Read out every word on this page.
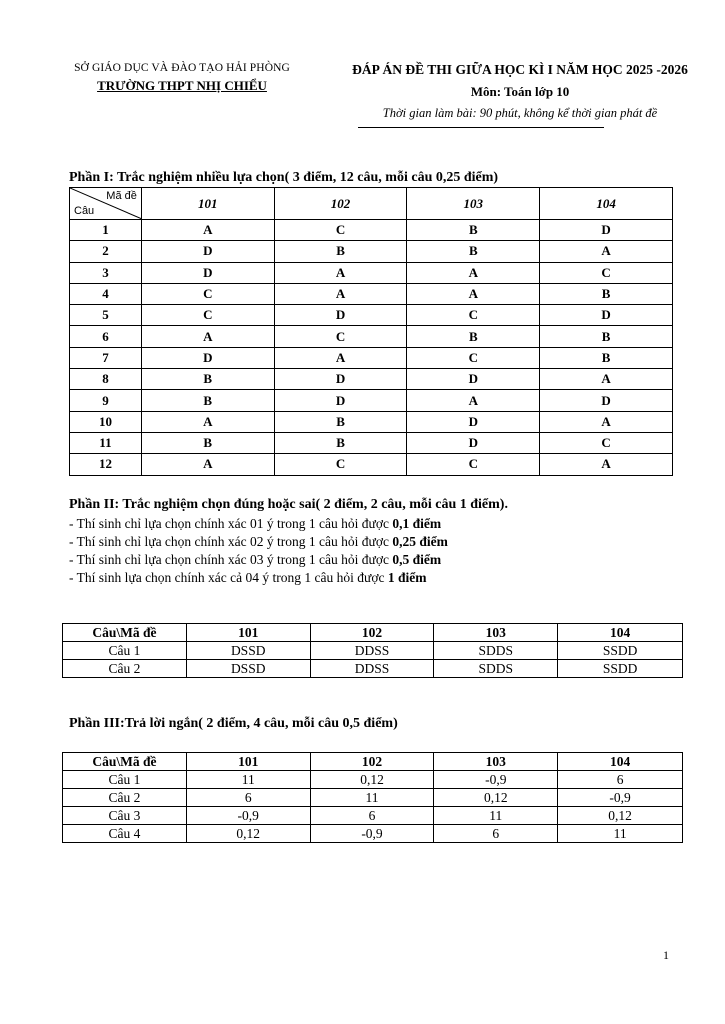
SỞ GIÁO DỤC VÀ ĐÀO TẠO HẢI PHÒNG
TRƯỜNG THPT NHỊ CHIỂU
ĐÁP ÁN ĐỀ THI GIỮA HỌC KÌ I NĂM HỌC 2025 -2026
Môn: Toán lớp 10
Thời gian làm bài: 90 phút, không kể thời gian phát đề
Phần I: Trắc nghiệm nhiều lựa chọn( 3 điểm, 12 câu, mỗi câu 0,25 điểm)
Mã đề
Câu	101	102	103	104
1	A	C	B	D
2	D	B	B	A
3	D	A	A	C
4	C	A	A	B
5	C	D	C	D
6	A	C	B	B
7	D	A	C	B
8	B	D	D	A
9	B	D	A	D
10	A	B	D	A
11	B	B	D	C
12	A	C	C	A
Phần II: Trắc nghiệm chọn đúng hoặc sai( 2 điểm, 2 câu, mỗi câu 1 điểm).
- Thí sinh chỉ lựa chọn chính xác 01 ý trong 1 câu hỏi được 0,1 điểm
- Thí sinh chỉ lựa chọn chính xác 02 ý trong 1 câu hỏi được 0,25 điểm
- Thí sinh chỉ lựa chọn chính xác 03 ý trong 1 câu hỏi được 0,5 điểm
- Thí sinh lựa chọn chính xác cả 04 ý trong 1 câu hỏi được 1 điểm
Câu\Mã đề	101	102	103	104
Câu 1	DSSD	DDSS	SDDS	SSDD
Câu 2	DSSD	DDSS	SDDS	SSDD
Phần III:Trả lời ngắn( 2 điểm, 4 câu, mỗi câu 0,5 điểm)
Câu\Mã đề	101	102	103	104
Câu 1	11	0,12	-0,9	6
Câu 2	6	11	0,12	-0,9
Câu 3	-0,9	6	11	0,12
Câu 4	0,12	-0,9	6	11
1
